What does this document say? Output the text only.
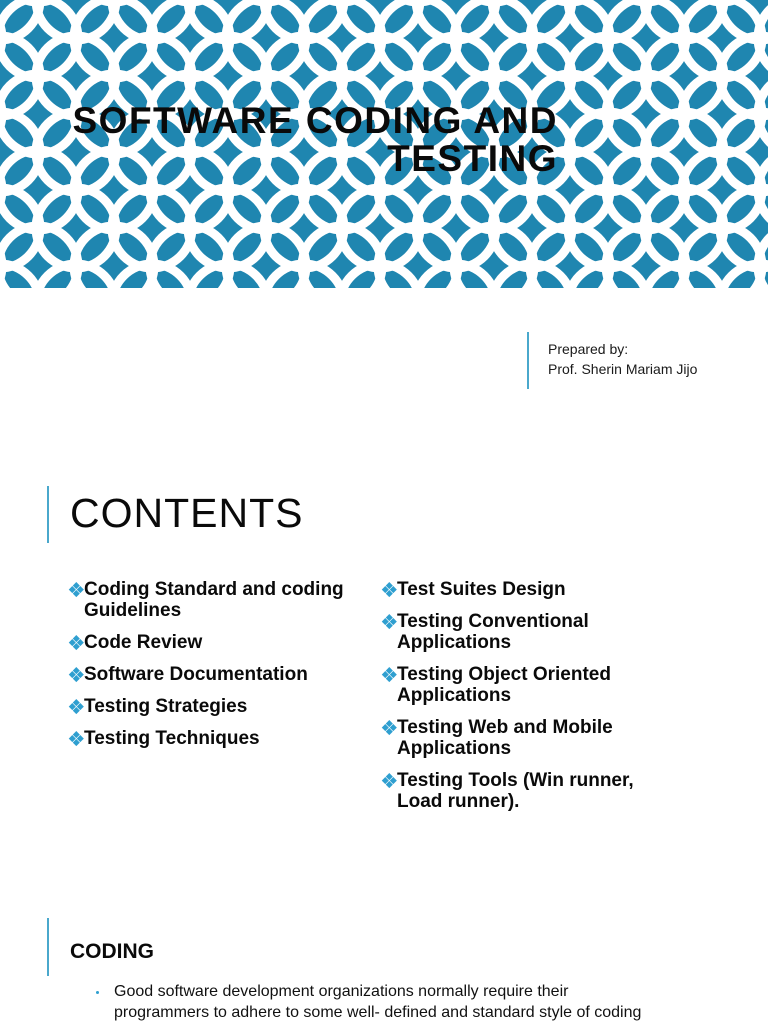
SOFTWARE CODING AND
TESTING
Prepared by:
Prof. Sherin Mariam Jijo
CONTENTS
Coding Standard and coding Guidelines
Code Review
Software Documentation
Testing Strategies
Testing Techniques
Test Suites Design
Testing Conventional Applications
Testing Object Oriented Applications
Testing Web and Mobile Applications
Testing Tools (Win runner, Load runner).
CODING
Good software development organizations normally require their programmers to adhere to some well- defined and standard style of coding
